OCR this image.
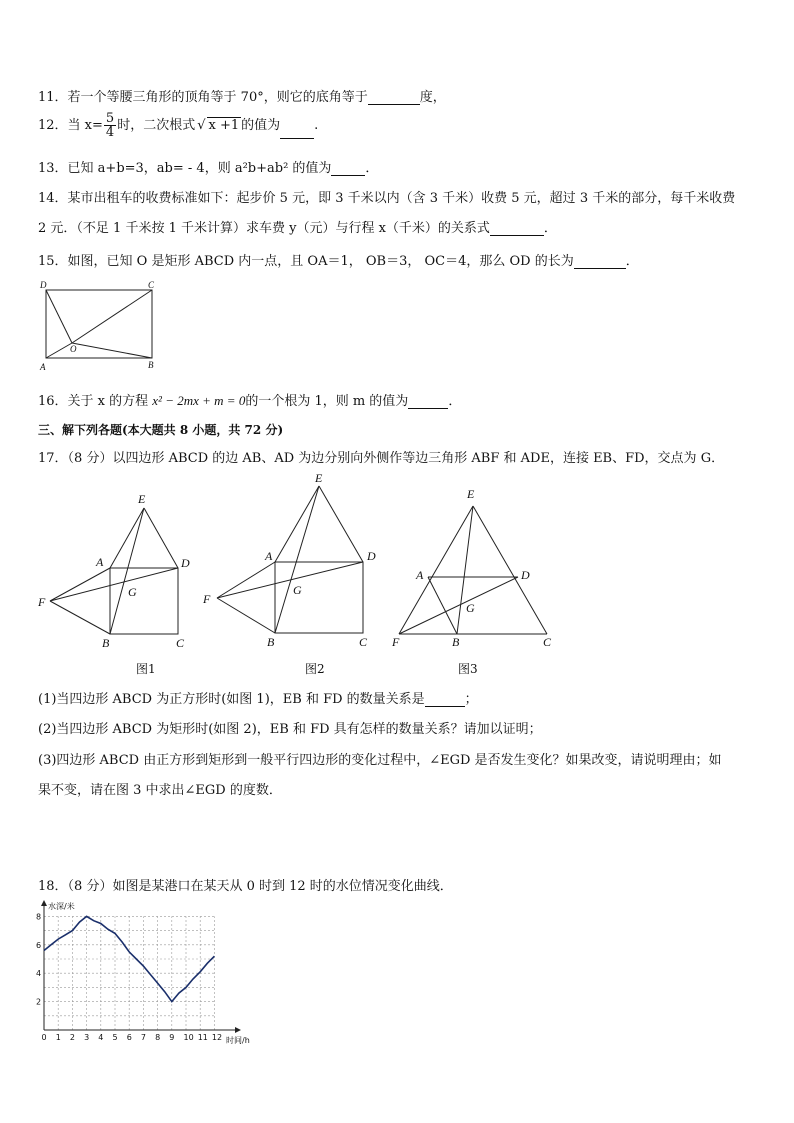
11．若一个等腰三角形的顶角等于 70°，则它的底角等于	度，
12．当 $x= \frac{5}{4}$ 时，二次根式 √ x +1 的值为	.
13．已知 a+b=3，ab= - 4，则 a²b+ab² 的值为	．
14．某市出租车的收费标准如下：起步价 5 元，即 3 千米以内（含 3 千米）收费 5 元，超过 3 千米的部分，每千米收费
2 元．（不足 1 千米按 1 千米计算）求车费 y（元）与行程 x（千米）的关系式	．
15．如图，已知 O 是矩形 ABCD 内一点，且 OA＝1， OB＝3， OC＝4，那么 OD 的长为	．
D	C
A
O
B
16．关于 x 的方程 x² − 2mx + m = 0的一个根为 1，则 m 的值为	．
三、解下列各题(本大题共 8 小题，共 72 分)
17．（8 分）以四边形 ABCD 的边 AB、AD 为边分别向外侧作等边三角形 ABF 和 ADE，连接 EB、FD，交点为 G．
E
A	D
F
G
B	C
图1
E
A	D
F
G
B	C
图2
E
A	D
G
F	B	C
图3
(1)当四边形 ABCD 为正方形时(如图 1)，EB 和 FD 的数量关系是	；
(2)当四边形 ABCD 为矩形时(如图 2)，EB 和 FD 具有怎样的数量关系？请加以证明；
(3)四边形 ABCD 由正方形到矩形到一般平行四边形的变化过程中，∠EGD 是否发生变化？如果改变，请说明理由；如
果不变，请在图 3 中求出∠EGD 的度数．
18．（8 分）如图是某港口在某天从 0 时到 12 时的水位情况变化曲线．
0 1 2 3 4 5 6 7 8 9 10 11 12
2
4
6
8
水深/米
时间/h
